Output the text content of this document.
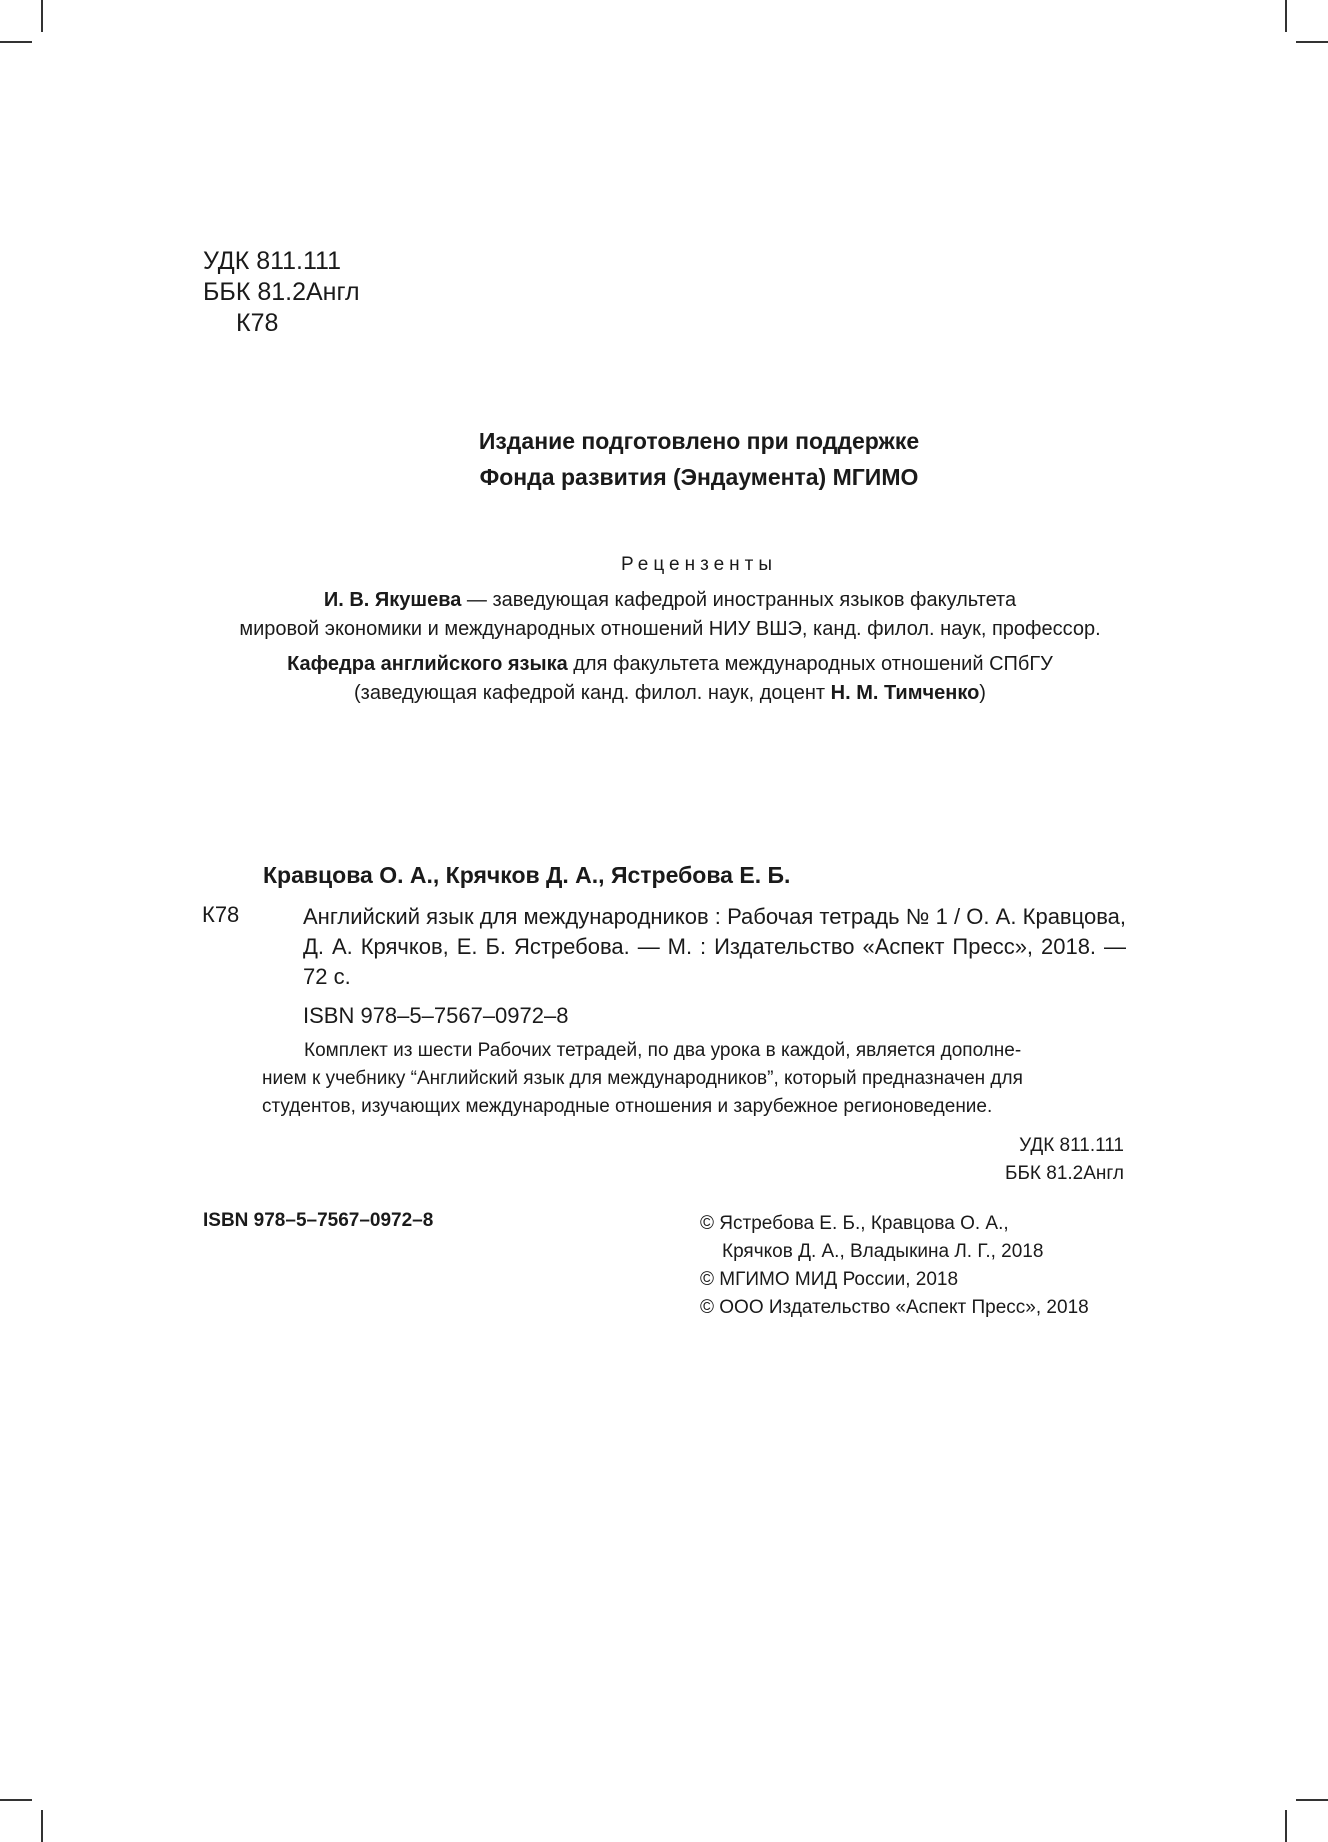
УДК 811.111
ББК 81.2Англ
К78
Издание подготовлено при поддержке
Фонда развития (Эндаумента) МГИМО
Рецензенты
И. В. Якушева — заведующая кафедрой иностранных языков факультета
мировой экономики и международных отношений НИУ ВШЭ, канд. филол. наук, профессор.
Кафедра английского языка для факультета международных отношений СПбГУ
(заведующая кафедрой канд. филол. наук, доцент Н. М. Тимченко)
Кравцова О. А., Крячков Д. А., Ястребова Е. Б.
К78	Английский язык для международников : Рабочая тетрадь № 1 / О. А. Кравцова, Д. А. Крячков, Е. Б. Ястребова. — М. : Издательство «Аспект Пресс», 2018. — 72 с.
ISBN 978–5–7567–0972–8
Комплект из шести Рабочих тетрадей, по два урока в каждой, является дополне-
нием к учебнику “Английский язык для международников”, который предназначен для
студентов, изучающих международные отношения и зарубежное регионоведение.
УДК 811.111
ББК 81.2Англ
ISBN 978–5–7567–0972–8	© Ястребова Е. Б., Кравцова О. А.,
Крячков Д. А., Владыкина Л. Г., 2018
© МГИМО МИД России, 2018
© ООО Издательство «Аспект Пресс», 2018
